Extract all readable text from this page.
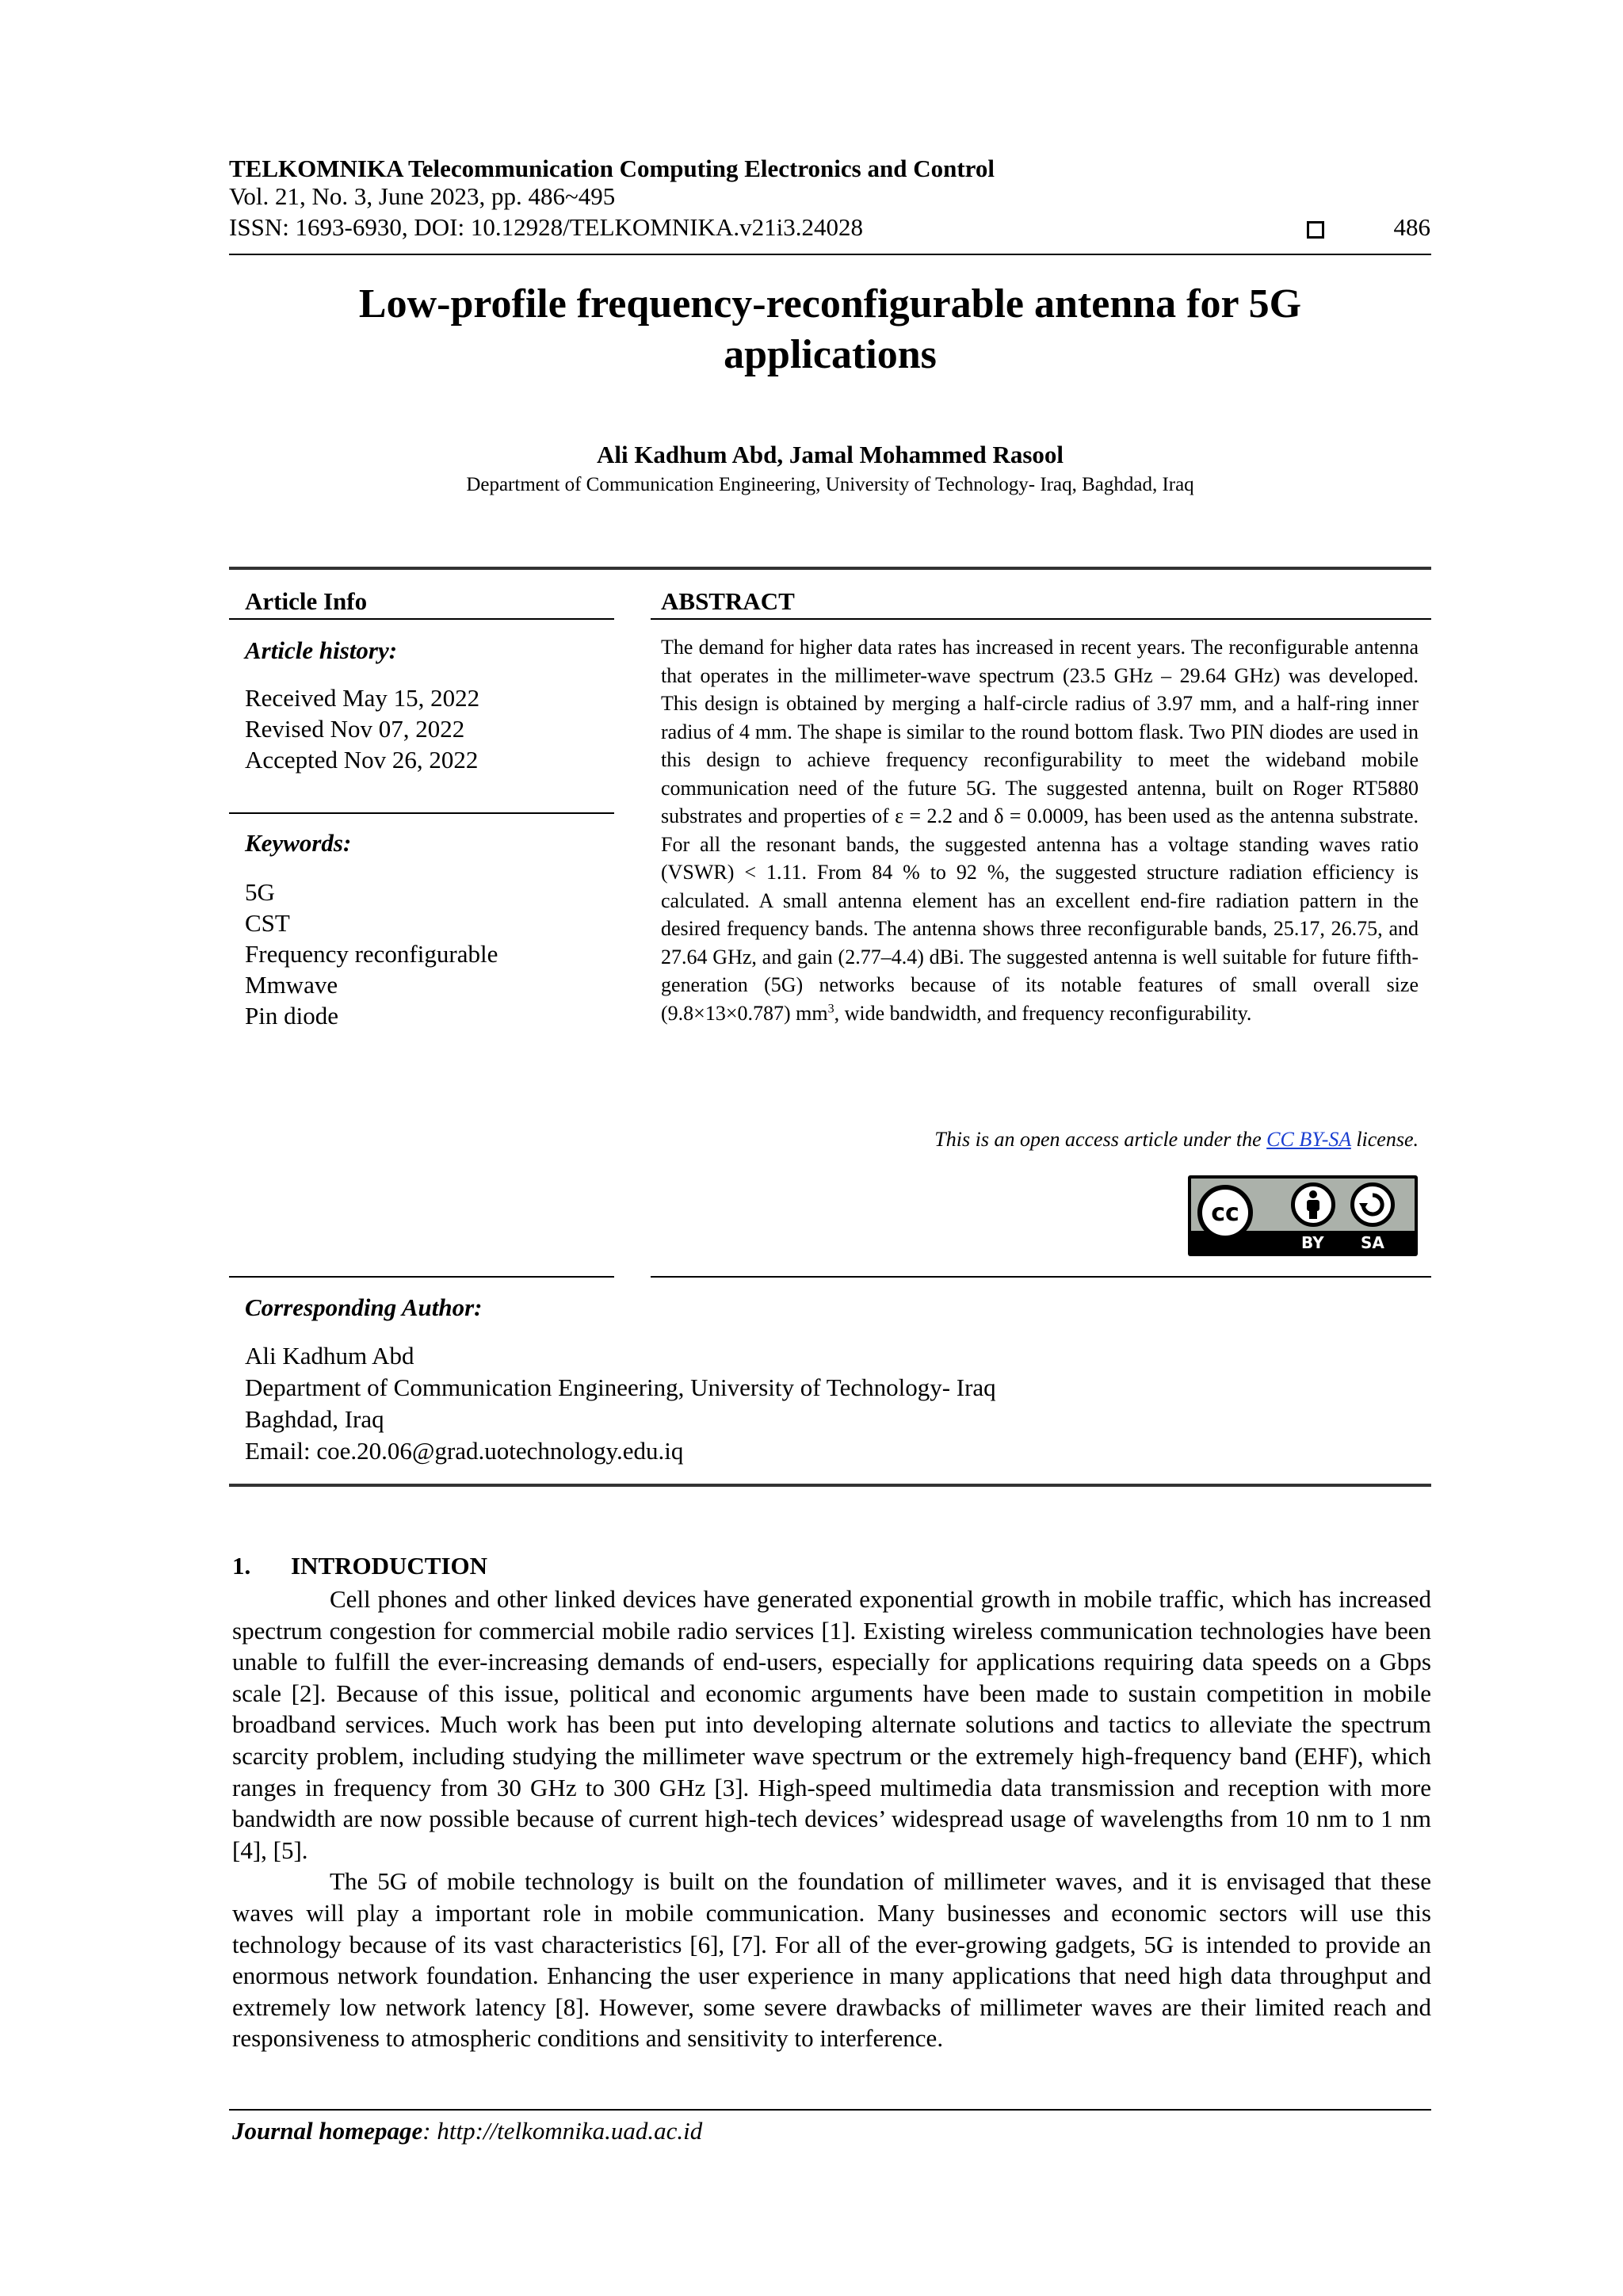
TELKOMNIKA Telecommunication Computing Electronics and Control
Vol. 21, No. 3, June 2023, pp. 486~495
ISSN: 1693-6930, DOI: 10.12928/TELKOMNIKA.v21i3.24028	486
Low-profile frequency-reconfigurable antenna for 5G
applications
Ali Kadhum Abd, Jamal Mohammed Rasool
Department of Communication Engineering, University of Technology- Iraq, Baghdad, Iraq
Article Info
Article history:
Received May 15, 2022
Revised Nov 07, 2022
Accepted Nov 26, 2022
Keywords:
5G
CST
Frequency reconfigurable
Mmwave
Pin diode
ABSTRACT
The demand for higher data rates has increased in recent years. The reconfigurable antenna that operates in the millimeter-wave spectrum (23.5 GHz – 29.64 GHz) was developed. This design is obtained by merging a half-circle radius of 3.97 mm, and a half-ring inner radius of 4 mm. The shape is similar to the round bottom flask. Two PIN diodes are used in this design to achieve frequency reconfigurability to meet the wideband mobile communication need of the future 5G. The suggested antenna, built on Roger RT5880 substrates and properties of ε = 2.2 and δ = 0.0009, has been used as the antenna substrate. For all the resonant bands, the suggested antenna has a voltage standing waves ratio (VSWR) < 1.11. From 84 % to 92 %, the suggested structure radiation efficiency is calculated. A small antenna element has an excellent end-fire radiation pattern in the desired frequency bands. The antenna shows three reconfigurable bands, 25.17, 26.75, and 27.64 GHz, and gain (2.77–4.4) dBi. The suggested antenna is well suitable for future fifth-generation (5G) networks because of its notable features of small overall size (9.8×13×0.787) $mm^3$, wide bandwidth, and frequency reconfigurability.
This is an open access article under the CC BY-SA license.
cc
BY SA
Corresponding Author:
Ali Kadhum Abd
Department of Communication Engineering, University of Technology- Iraq
Baghdad, Iraq
Email: coe.20.06@grad.uotechnology.edu.iq
1. INTRODUCTION

Cell phones and other linked devices have generated exponential growth in mobile traffic, which has increased spectrum congestion for commercial mobile radio services [1]. Existing wireless communication technologies have been unable to fulfill the ever-increasing demands of end-users, especially for applications requiring data speeds on a Gbps scale [2]. Because of this issue, political and economic arguments have been made to sustain competition in mobile broadband services. Much work has been put into developing alternate solutions and tactics to alleviate the spectrum scarcity problem, including studying the millimeter wave spectrum or the extremely high-frequency band (EHF), which ranges in frequency from 30 GHz to 300 GHz [3]. High-speed multimedia data transmission and reception with more bandwidth are now possible because of current high-tech devices’ widespread usage of wavelengths from 10 nm to 1 nm [4], [5].

The 5G of mobile technology is built on the foundation of millimeter waves, and it is envisaged that these waves will play a important role in mobile communication. Many businesses and economic sectors will use this technology because of its vast characteristics [6], [7]. For all of the ever-growing gadgets, 5G is intended to provide an enormous network foundation. Enhancing the user experience in many applications that need high data throughput and extremely low network latency [8]. However, some severe drawbacks of millimeter waves are their limited reach and responsiveness to atmospheric conditions and sensitivity to interference.

Journal homepage: http://telkomnika.uad.ac.id
